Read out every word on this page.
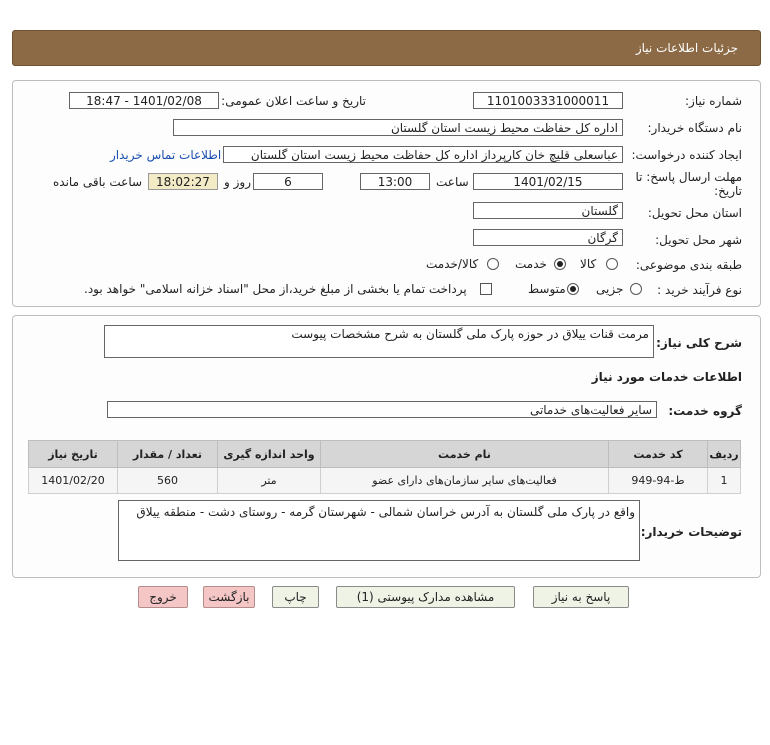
جزئیات اطلاعات نیاز
شماره نیاز:
1101003331000011
تاریخ و ساعت اعلان عمومی:
1401/02/08 - 18:47
نام دستگاه خریدار:
اداره کل حفاظت محیط زیست استان گلستان
ایجاد کننده درخواست:
عباسعلی قلیچ خان کارپرداز اداره کل حفاظت محیط زیست استان گلستان
اطلاعات تماس خریدار
مهلت ارسال پاسخ: تا تاریخ:
1401/02/15
ساعت
13:00
6
روز و
18:02:27
ساعت باقی مانده
استان محل تحویل:
گلستان
شهر محل تحویل:
گرگان
طبقه بندی موضوعی:
کالا
خدمت
کالا/خدمت
نوع فرآیند خرید :
جزیی
متوسط
پرداخت تمام یا بخشی از مبلغ خرید،از محل "اسناد خزانه اسلامی" خواهد بود.
شرح کلی نیاز:
مرمت قنات ییلاق در حوزه پارک ملی گلستان به شرح مشخصات پیوست
اطلاعات خدمات مورد نیاز
گروه خدمت:
سایر فعالیت‌های خدماتی
ردیف	کد خدمت	نام خدمت	واحد اندازه گیری	تعداد / مقدار	تاریخ نیاز
1	ط-94-949	فعالیت‌های سایر سازمان‌های دارای عضو	متر	560	1401/02/20
توضیحات خریدار:
واقع در پارک ملی گلستان به آدرس خراسان شمالی - شهرستان گرمه - روستای دشت - منطقه ییلاق
پاسخ به نیاز
مشاهده مدارک پیوستی (1)
چاپ
بازگشت
خروج
